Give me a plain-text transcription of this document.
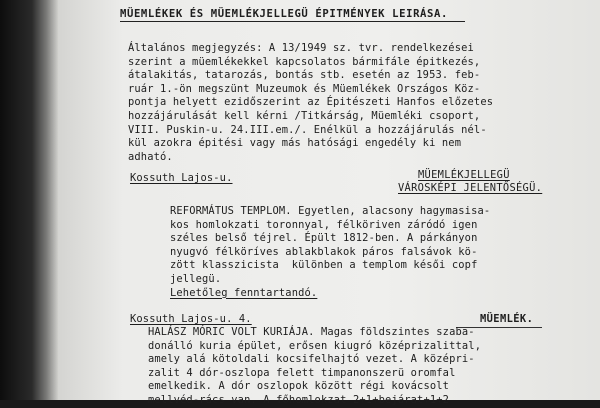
MÜEMLÉKEK ÉS MÜEMLÉKJELLEGÜ ÉPITMÉNYEK LEIRÁSA.

Általános megjegyzés: A 13/1949 sz. tvr. rendelkezései

szerint a müemlékekkel kapcsolatos bármifále épitkezés,

átalakitás, tatarozás, bontás stb. esetén az 1953. feb-

ruár 1.-ön megszünt Muzeumok és Müemlékek Országos Köz-

pontja helyett ezidőszerint az Épitészeti Hanfos előzetes

hozzájárulását kell kérni /Titkárság, Müemléki csoport,

VIII. Puskin-u. 24.III.em./. Enélkül a hozzájárulás nél-

kül azokra épitési vagy más hatósági engedély ki nem

adható.

Kossuth Lajos-u.	MÜEMLÉKJELLEGÜ
VÁROSKÉPI JELENTŐSÉGÜ.

REFORMÁTUS TEMPLOM. Egyetlen, alacsony hagymasisa-

kos homlokzati toronnyal, félköriven záródó igen

széles belső téjrel. Épült 1812-ben. A párkányon

nyugvó félköríves ablakblakok páros falsávok kö-

zött klasszicista  különben a templom késői copf

jellegü.

Lehetőleg fenntartandó.

Kossuth Lajos-u. 4.	MÜEMLÉK.

HALÁSZ MÓRIC VOLT KURIÁJA. Magas földszintes szaba-

donálló kuria épület, erősen kiugró középrizalittal,

amely alá kötoldali kocsifelhajtó vezet. A középri-

zalit 4 dór-oszlopa felett timpanonszerü oromfal

emelkedik. A dór oszlopok között régi kovácsolt

mellvéd-rács van. A főhomlokzat 2+1+bejárat+1+2
